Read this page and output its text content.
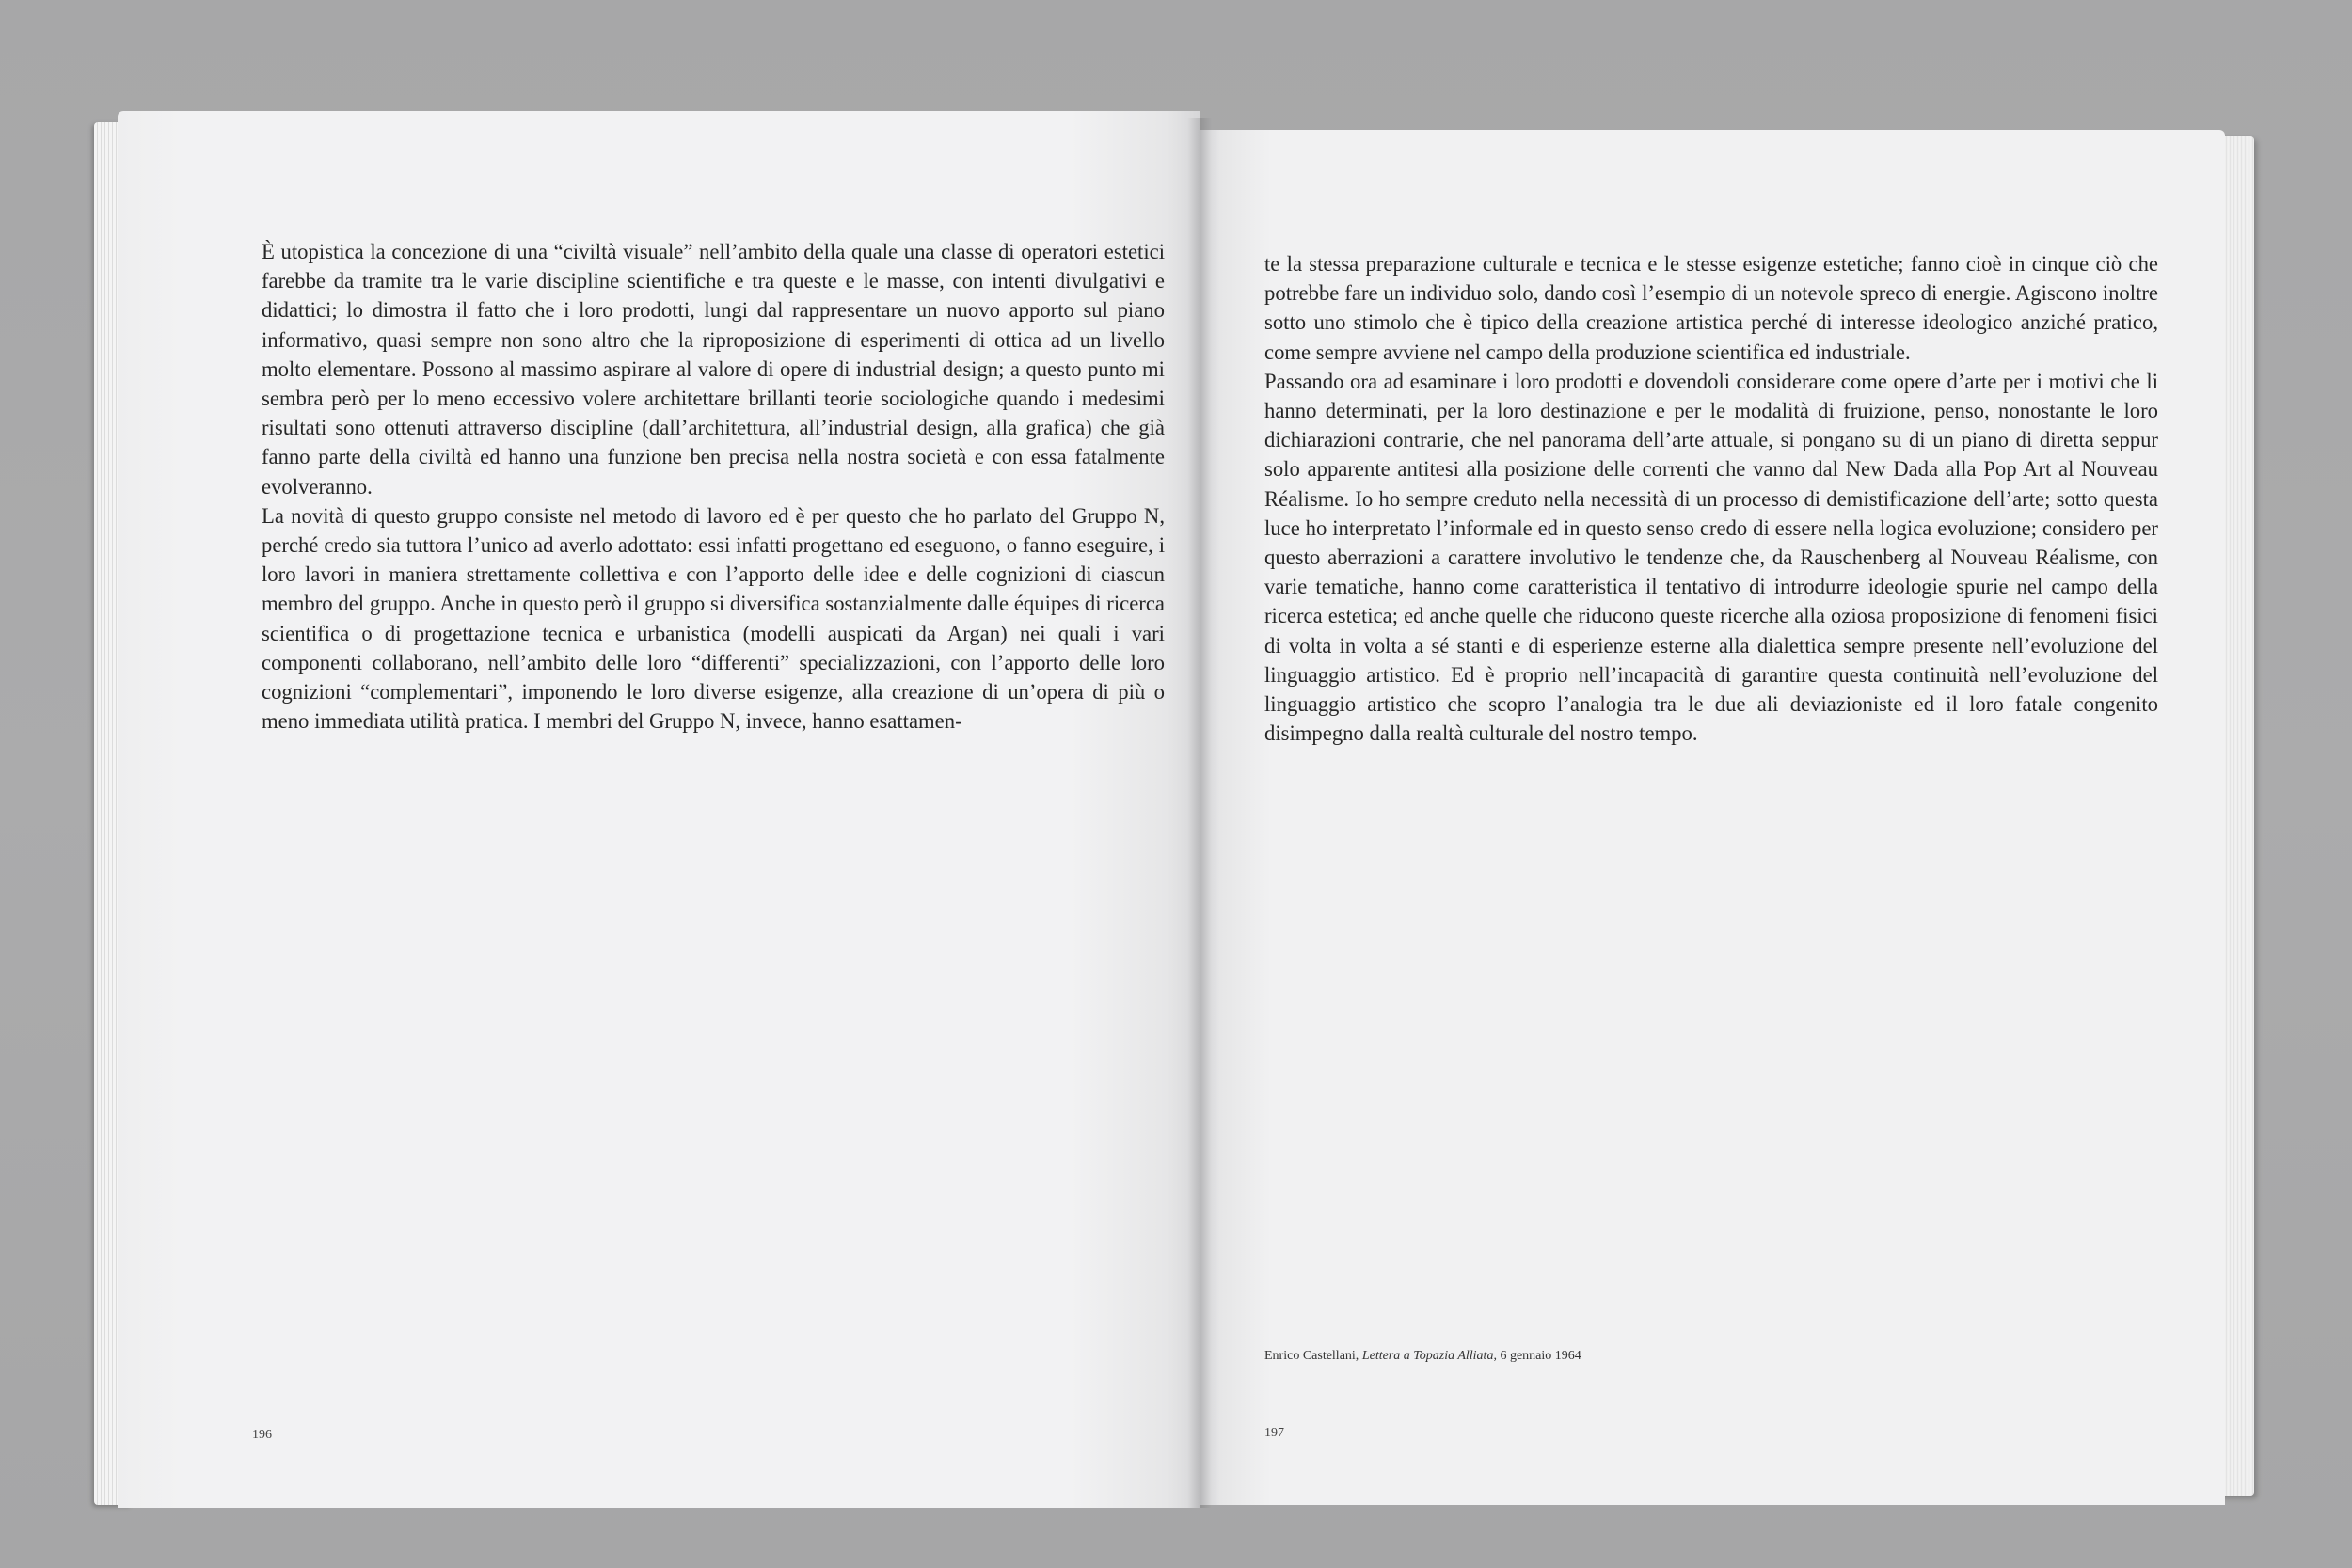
È utopistica la concezione di una “civiltà visuale” nell’ambito della quale una classe di operatori estetici farebbe da tramite tra le varie discipline scientifiche e tra queste e le masse, con intenti divulgativi e didattici; lo dimostra il fatto che i loro prodotti, lungi dal rappresentare un nuovo apporto sul piano informativo, quasi sempre non sono altro che la riproposizione di esperimenti di ottica ad un livello molto elementare. Possono al massimo aspirare al valore di opere di industrial design; a questo punto mi sembra però per lo meno eccessivo volere architettare brillanti teorie sociologiche quando i medesimi risultati sono ottenuti attraverso discipline (dall’architettura, all’industrial design, alla grafica) che già fanno parte della civiltà ed hanno una funzione ben precisa nella nostra società e con essa fatalmente evolveranno.

La novità di questo gruppo consiste nel metodo di lavoro ed è per questo che ho parlato del Gruppo N, perché credo sia tuttora l’unico ad averlo adottato: essi infatti progettano ed eseguono, o fanno eseguire, i loro lavori in maniera strettamente collettiva e con l’apporto delle idee e delle cognizioni di ciascun membro del gruppo. Anche in questo però il gruppo si diversifica sostanzialmente dalle équipes di ricerca scientifica o di progettazione tecnica e urbanistica (modelli auspicati da Argan) nei quali i vari componenti collaborano, nell’ambito delle loro “differenti” specializzazioni, con l’apporto delle loro cognizioni “complementari”, imponendo le loro diverse esigenze, alla creazione di un’opera di più o meno immediata utilità pratica. I membri del Gruppo N, invece, hanno esattamen-

te la stessa preparazione culturale e tecnica e le stesse esigenze estetiche; fanno cioè in cinque ciò che potrebbe fare un individuo solo, dando così l’esempio di un notevole spreco di energie. Agiscono inoltre sotto uno stimolo che è tipico della creazione artistica perché di interesse ideologico anziché pratico, come sempre avviene nel campo della produzione scientifica ed industriale.

Passando ora ad esaminare i loro prodotti e dovendoli considerare come opere d’arte per i motivi che li hanno determinati, per la loro destinazione e per le modalità di fruizione, penso, nonostante le loro dichiarazioni contrarie, che nel panorama dell’arte attuale, si pongano su di un piano di diretta seppur solo apparente antitesi alla posizione delle correnti che vanno dal New Dada alla Pop Art al Nouveau Réalisme. Io ho sempre creduto nella necessità di un processo di demistificazione dell’arte; sotto questa luce ho interpretato l’informale ed in questo senso credo di essere nella logica evoluzione; considero per questo aberrazioni a carattere involutivo le tendenze che, da Rauschenberg al Nouveau Réalisme, con varie tematiche, hanno come caratteristica il tentativo di introdurre ideologie spurie nel campo della ricerca estetica; ed anche quelle che riducono queste ricerche alla oziosa proposizione di fenomeni fisici di volta in volta a sé stanti e di esperienze esterne alla dialettica sempre presente nell’evoluzione del linguaggio artistico. Ed è proprio nell’incapacità di garantire questa continuità nell’evoluzione del linguaggio artistico che scopro l’analogia tra le due ali deviazioniste ed il loro fatale congenito disimpegno dalla realtà culturale del nostro tempo.

Enrico Castellani, Lettera a Topazia Alliata, 6 gennaio 1964
196	197
